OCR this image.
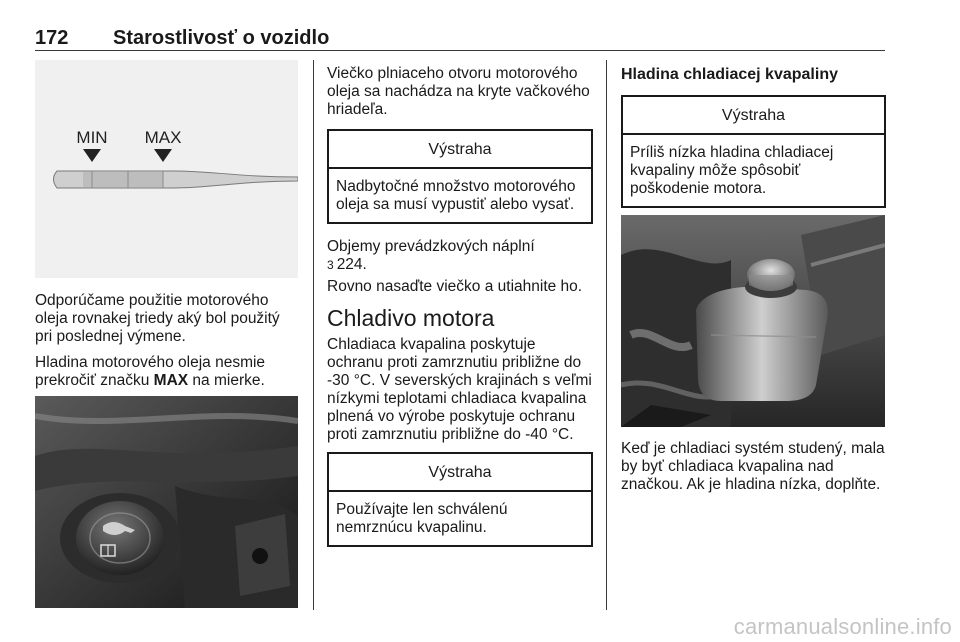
172 Starostlivosť o vozidlo
MIN MAX

Odporúčame použitie motorového oleja rovnakej triedy aký bol použitý pri poslednej výmene.

Hladina motorového oleja nesmie prekročiť značku MAX na mierke.

Viečko plniaceho otvoru motorového oleja sa nachádza na kryte vačkového hriadeľa.

Výstraha
Nadbytočné množstvo motorového oleja sa musí vypustiť alebo vysať.

Objemy prevádzkových náplní
3 224.

Rovno nasaďte viečko a utiahnite ho.

Chladivo motora

Chladiaca kvapalina poskytuje ochranu proti zamrznutiu približne do -30 °C. V severských krajinách s veľmi nízkymi teplotami chladiaca kvapalina plnená vo výrobe poskytuje ochranu proti zamrznutiu približne do -40 °C.

Výstraha
Používajte len schválenú nemrznúcu kvapalinu.
Hladina chladiacej kvapaliny
Výstraha
Príliš nízka hladina chladiacej kvapaliny môže spôsobiť poškodenie motora.

Keď je chladiaci systém studený, mala by byť chladiaca kvapalina nad značkou. Ak je hladina nízka, doplňte.

carmanualsonline.info
